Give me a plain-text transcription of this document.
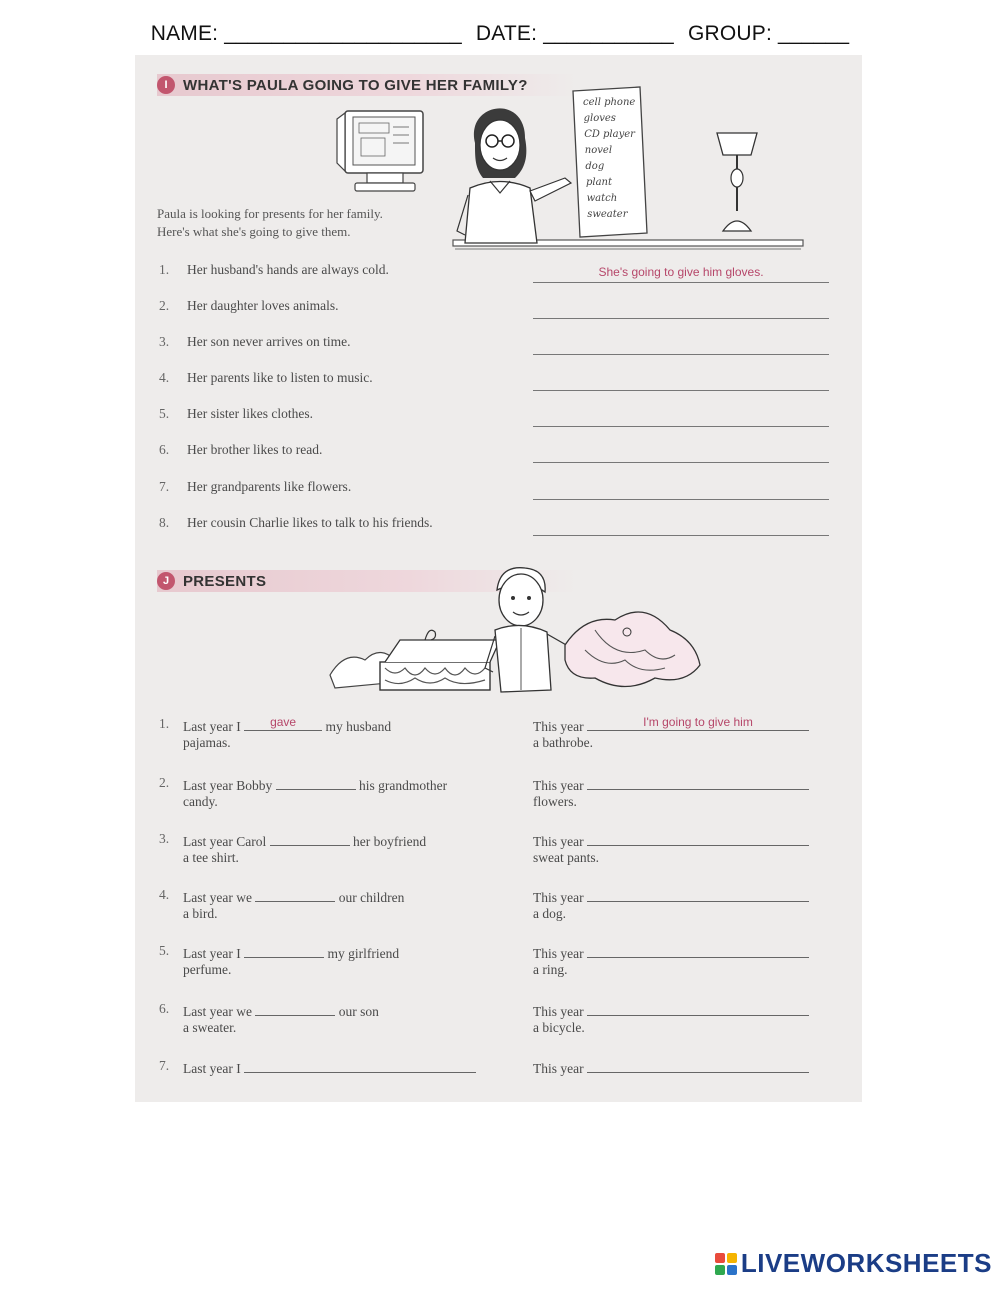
NAME: ____________________ DATE: ___________ GROUP: ______
I	WHAT'S PAULA GOING TO GIVE HER FAMILY?
cell phone gloves CD player novel dog plant watch sweater
Paula is looking for presents for her family.
Here's what she's going to give them.
1. Her husband's hands are always cold.	She's going to give him gloves.
2. Her daughter loves animals.
3. Her son never arrives on time.
4. Her parents like to listen to music.
5. Her sister likes clothes.
6. Her brother likes to read.
7. Her grandparents like flowers.
8. Her cousin Charlie likes to talk to his friends.
J PRESENTS
1. Last year I	gave	my husband
pajamas.
This year	I'm going to give him
a bathrobe.
2. Last year Bobby	his grandmother
candy.
This year
flowers.
3. Last year Carol	her boyfriend
a tee shirt.
This year
sweat pants.
4. Last year we	our children
a bird.
This year
a dog.
5. Last year I	my girlfriend
perfume.
This year
a ring.
6. Last year we	our son
a sweater.
This year
a bicycle.
7. Last year I	This year
LIVEWORKSHEETS
